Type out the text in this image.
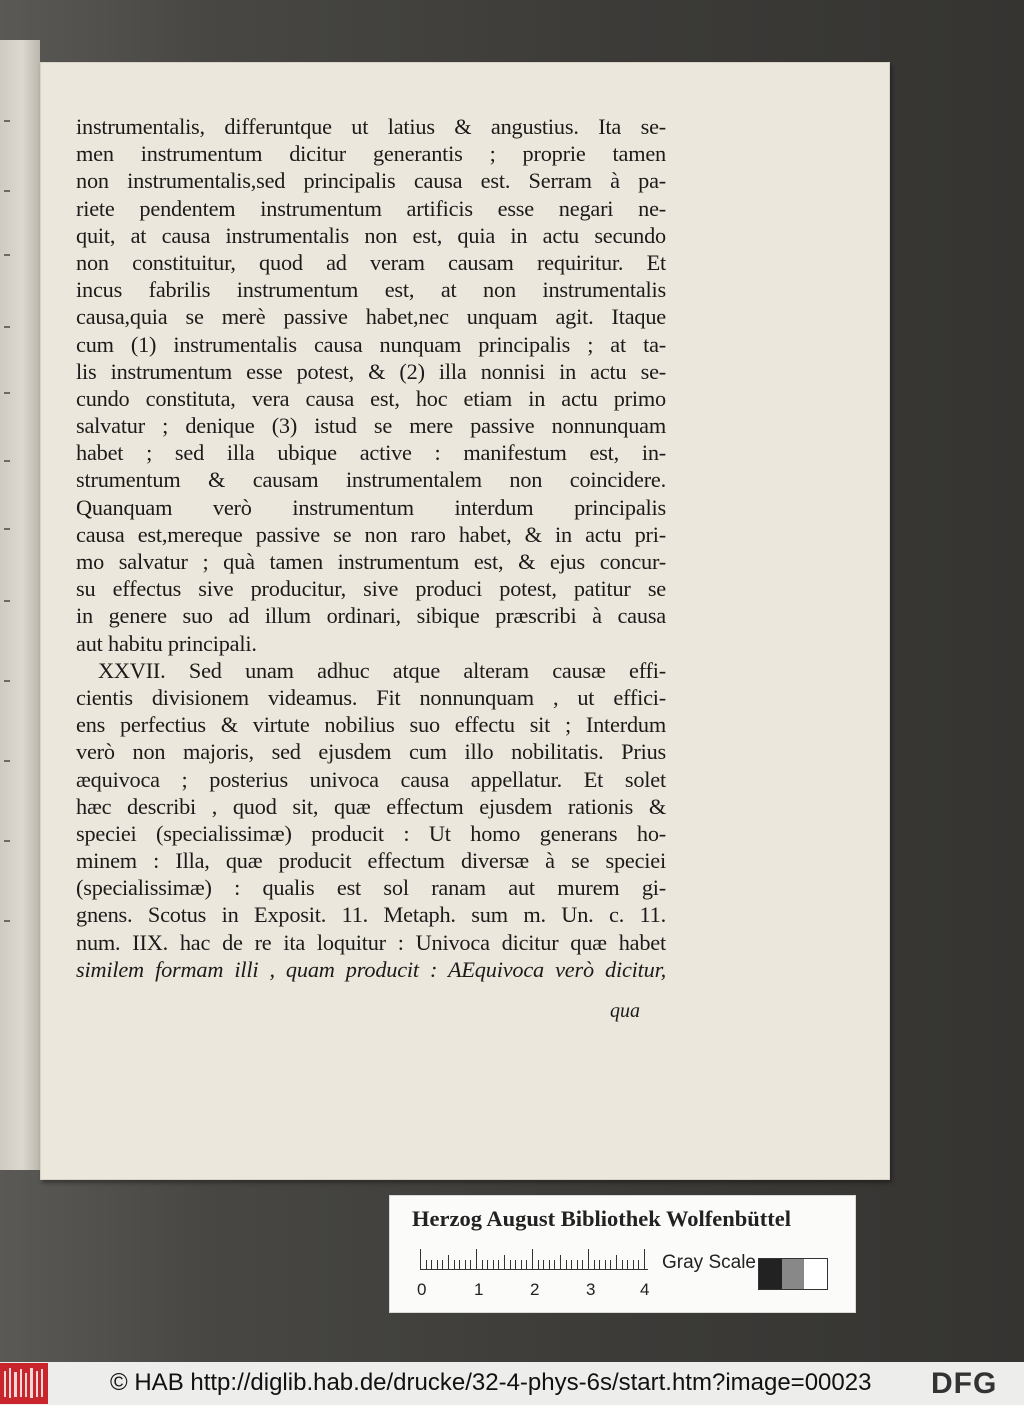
instrumentalis, differuntque ut latius & angustius. Ita se-
men instrumentum dicitur generantis ; proprie tamen
non instrumentalis,sed principalis causa est. Serram à pa-
riete pendentem instrumentum artificis esse negari ne-
quit, at causa instrumentalis non est, quia in actu secundo
non constituitur, quod ad veram causam requiritur. Et
incus fabrilis instrumentum est, at non instrumentalis
causa,quia se merè passive habet,nec unquam agit. Itaque
cum (1) instrumentalis causa nunquam principalis ; at ta-
lis instrumentum esse potest, & (2) illa nonnisi in actu se-
cundo constituta, vera causa est, hoc etiam in actu primo
salvatur ; denique (3) istud se mere passive nonnunquam
habet ; sed illa ubique active : manifestum est, in-
strumentum & causam instrumentalem non coincidere.
Quanquam verò instrumentum interdum principalis
causa est,mereque passive se non raro habet, & in actu pri-
mo salvatur ; quà tamen instrumentum est, & ejus concur-
su effectus sive producitur, sive produci potest, patitur se
in genere suo ad illum ordinari, sibique præscribi à causa
aut habitu principali.
XXVII. Sed unam adhuc atque alteram causæ effi-
cientis divisionem videamus. Fit nonnunquam , ut effici-
ens perfectius & virtute nobilius suo effectu sit ; Interdum
verò non majoris, sed ejusdem cum illo nobilitatis. Prius
æquivoca ; posterius univoca causa appellatur. Et solet
hæc describi , quod sit, quæ effectum ejusdem rationis &
speciei (specialissimæ) producit : Ut homo generans ho-
minem : Illa, quæ producit effectum diversæ à se speciei
(specialissimæ) : qualis est sol ranam aut murem gi-
gnens. Scotus in Exposit. 11. Metaph. sum m. Un. c. 11.
num. IIX. hac de re ita loquitur : Univoca dicitur quæ habet
similem formam illi , quam producit : AEquivoca verò dicitur,
qua
Herzog August Bibliothek Wolfenbüttel
0	1	2	3	4
Gray Scale
© HAB http://diglib.hab.de/drucke/32-4-phys-6s/start.htm?image=00023 DFG
